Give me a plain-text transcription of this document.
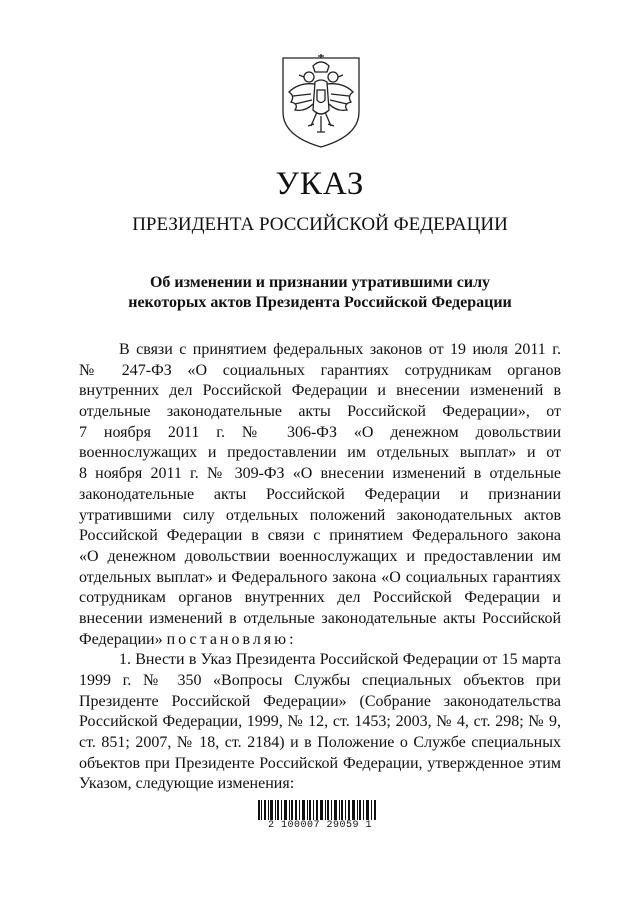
УКАЗ
ПРЕЗИДЕНТА РОССИЙСКОЙ ФЕДЕРАЦИИ
Об изменении и признании утратившими силу
некоторых актов Президента Российской Федерации
В связи с принятием федеральных законов от 19 июля 2011 г.
№ 247-ФЗ «О социальных гарантиях сотрудникам органов
внутренних дел Российской Федерации и внесении изменений в
отдельные законодательные акты Российской Федерации», от
7 ноября 2011 г. № 306-ФЗ «О денежном довольствии
военнослужащих и предоставлении им отдельных выплат» и от
8 ноября 2011 г. № 309-ФЗ «О внесении изменений в отдельные
законодательные акты Российской Федерации и признании
утратившими силу отдельных положений законодательных актов
Российской Федерации в связи с принятием Федерального закона
«О денежном довольствии военнослужащих и предоставлении им
отдельных выплат» и Федерального закона «О социальных гарантиях
сотрудникам органов внутренних дел Российской Федерации и
внесении изменений в отдельные законодательные акты Российской
Федерации» постановляю:
1. Внести в Указ Президента Российской Федерации от 15 марта
1999 г. № 350 «Вопросы Службы специальных объектов при
Президенте Российской Федерации» (Собрание законодательства
Российской Федерации, 1999, № 12, ст. 1453; 2003, № 4, ст. 298; № 9,
ст. 851; 2007, № 18, ст. 2184) и в Положение о Службе специальных
объектов при Президенте Российской Федерации, утвержденное этим
Указом, следующие изменения:
2 100007 29059 1
